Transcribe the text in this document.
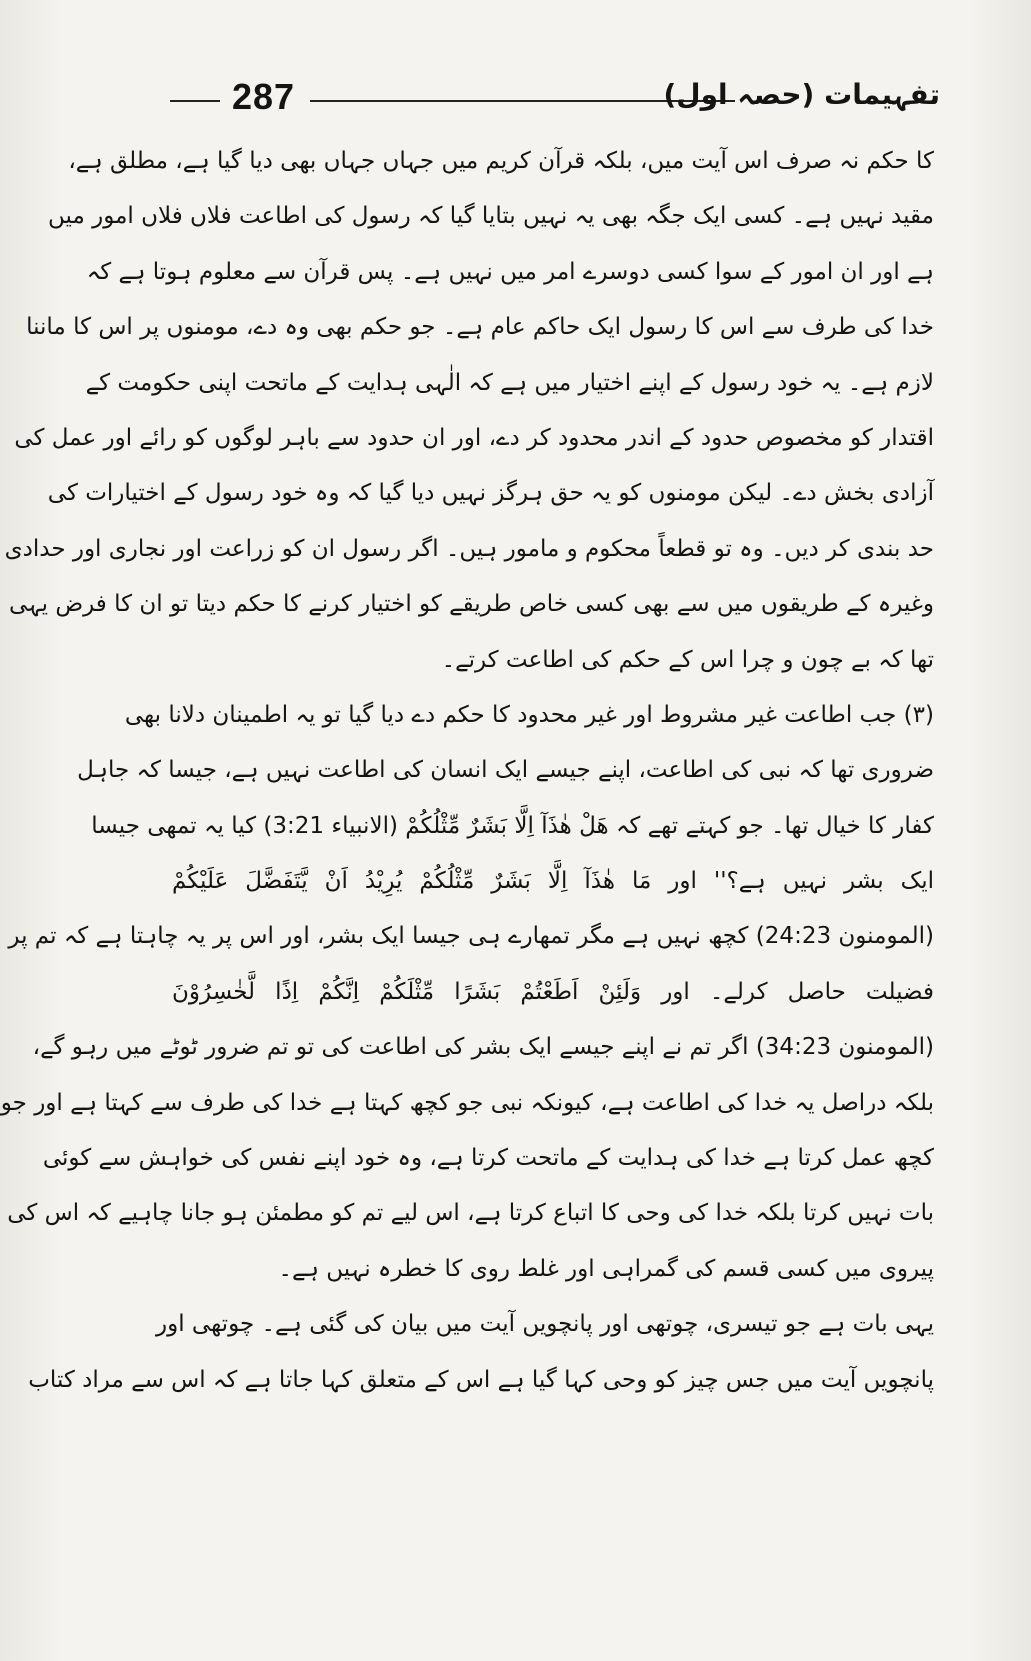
287	تفہیمات (حصہ اول)
کا حکم نہ صرف اس آیت میں، بلکہ قرآن کریم میں جہاں جہاں بھی دیا گیا ہے، مطلق ہے،
مقید نہیں ہے۔ کسی ایک جگہ بھی یہ نہیں بتایا گیا کہ رسول کی اطاعت فلاں فلاں امور میں
ہے اور ان امور کے سوا کسی دوسرے امر میں نہیں ہے۔ پس قرآن سے معلوم ہوتا ہے کہ
خدا کی طرف سے اس کا رسول ایک حاکم عام ہے۔ جو حکم بھی وہ دے، مومنوں پر اس کا ماننا
لازم ہے۔ یہ خود رسول کے اپنے اختیار میں ہے کہ الٰہی ہدایت کے ماتحت اپنی حکومت کے
اقتدار کو مخصوص حدود کے اندر محدود کر دے، اور ان حدود سے باہر لوگوں کو رائے اور عمل کی
آزادی بخش دے۔ لیکن مومنوں کو یہ حق ہرگز نہیں دیا گیا کہ وہ خود رسول کے اختیارات کی
حد بندی کر دیں۔ وہ تو قطعاً محکوم و مامور ہیں۔ اگر رسول ان کو زراعت اور نجاری اور حدادی
وغیرہ کے طریقوں میں سے بھی کسی خاص طریقے کو اختیار کرنے کا حکم دیتا تو ان کا فرض یہی
تھا کہ بے چون و چرا اس کے حکم کی اطاعت کرتے۔
(۳) جب اطاعت غیر مشروط اور غیر محدود کا حکم دے دیا گیا تو یہ اطمینان دلانا بھی
ضروری تھا کہ نبی کی اطاعت، اپنے جیسے ایک انسان کی اطاعت نہیں ہے، جیسا کہ جاہل
کفار کا خیال تھا۔ جو کہتے تھے کہ هَلْ هٰذَآ اِلَّا بَشَرٌ مِّثْلُكُمْ (الانبیاء 3:21) کیا یہ تمھی جیسا
ایک بشر نہیں ہے؟'' اور مَا هٰذَآ اِلَّا بَشَرٌ مِّثْلُكُمْ يُرِيْدُ اَنْ يَّتَفَضَّلَ عَلَيْكُمْ
(المومنون 24:23) کچھ نہیں ہے مگر تمھارے ہی جیسا ایک بشر، اور اس پر یہ چاہتا ہے کہ تم پر
فضیلت حاصل کرلے۔ اور وَلَئِنْ اَطَعْتُمْ بَشَرًا مِّثْلَكُمْ اِنَّكُمْ اِذًا لَّخٰسِرُوْنَ
(المومنون 34:23) اگر تم نے اپنے جیسے ایک بشر کی اطاعت کی تو تم ضرور ٹوٹے میں رہو گے،
بلکہ دراصل یہ خدا کی اطاعت ہے، کیونکہ نبی جو کچھ کہتا ہے خدا کی طرف سے کہتا ہے اور جو
کچھ عمل کرتا ہے خدا کی ہدایت کے ماتحت کرتا ہے، وہ خود اپنے نفس کی خواہش سے کوئی
بات نہیں کرتا بلکہ خدا کی وحی کا اتباع کرتا ہے، اس لیے تم کو مطمئن ہو جانا چاہیے کہ اس کی
پیروی میں کسی قسم کی گمراہی اور غلط روی کا خطرہ نہیں ہے۔
یہی بات ہے جو تیسری، چوتھی اور پانچویں آیت میں بیان کی گئی ہے۔ چوتھی اور
پانچویں آیت میں جس چیز کو وحی کہا گیا ہے اس کے متعلق کہا جاتا ہے کہ اس سے مراد کتاب
